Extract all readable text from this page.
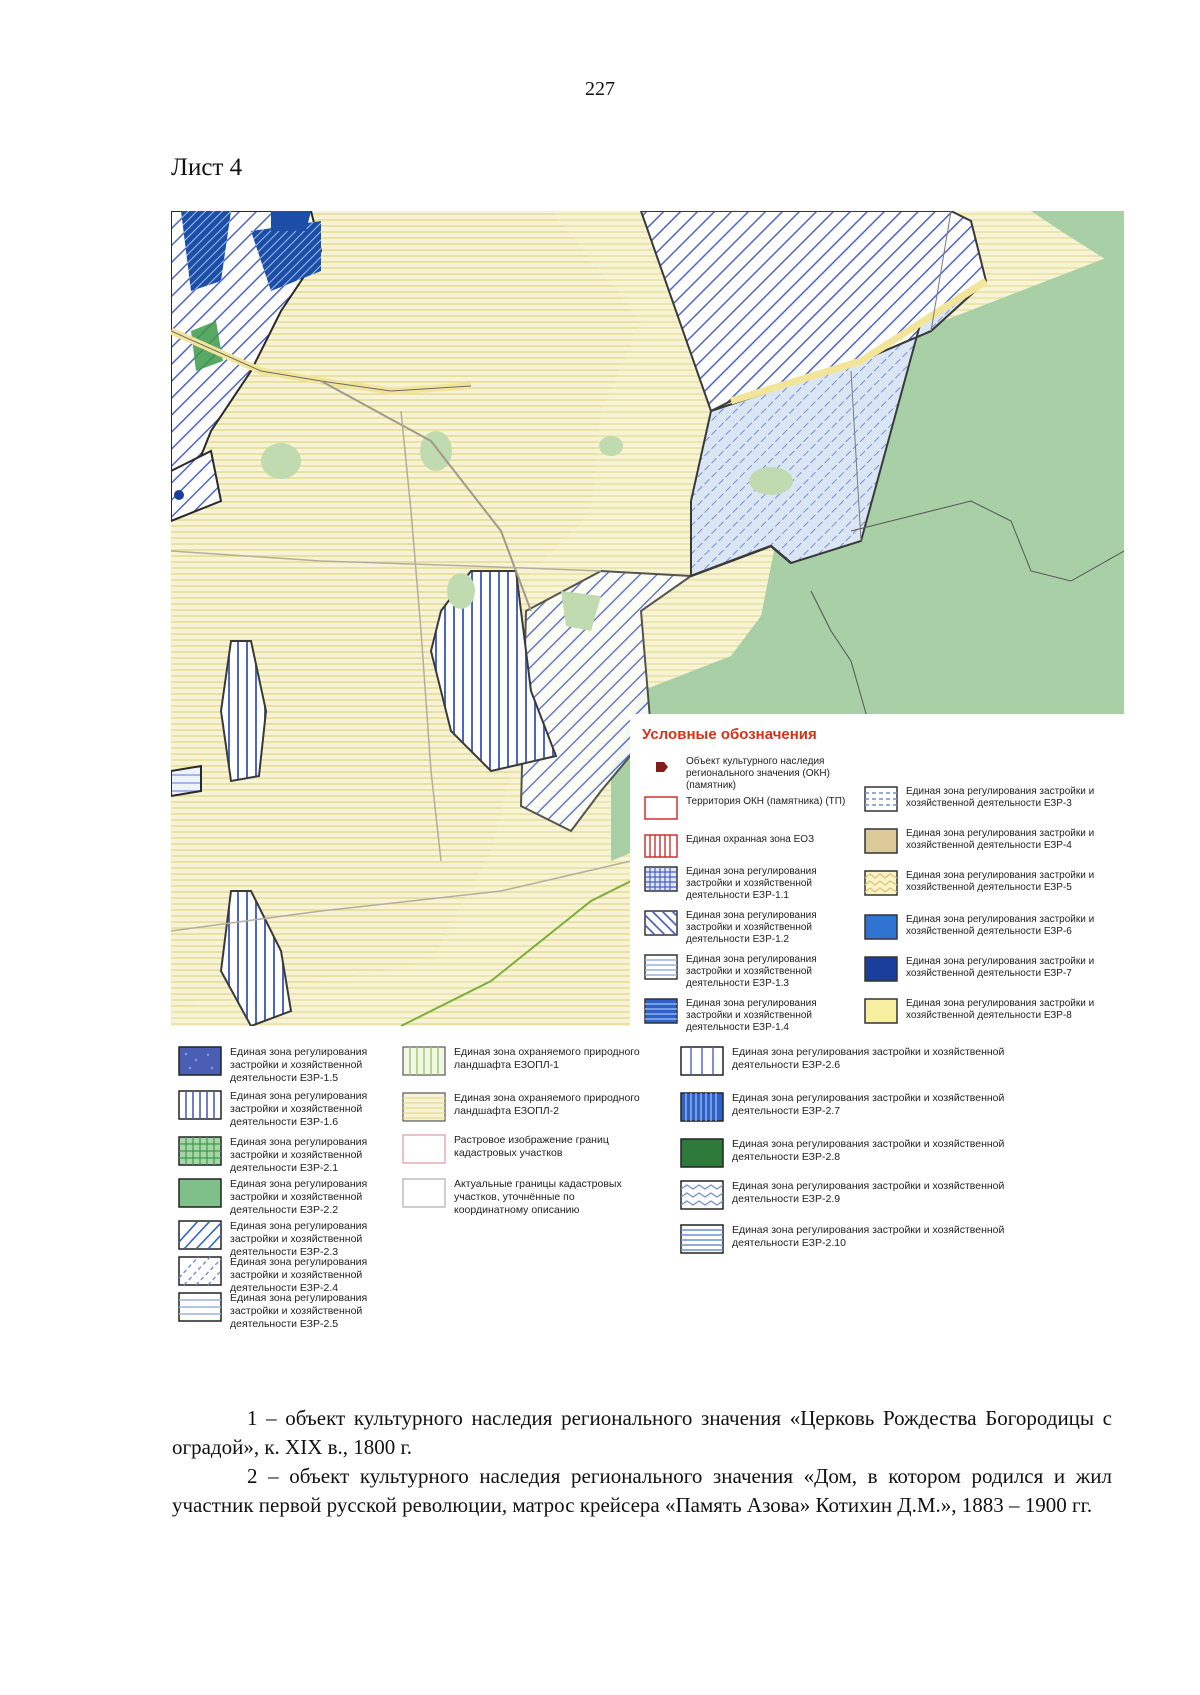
227
Лист 4
Условные обозначения
Объект культурного наследия регионального значения (ОКН) (памятник)
Территория ОКН (памятника) (ТП)
Единая охранная зона ЕОЗ
Единая зона регулирования застройки и хозяйственной деятельности ЕЗР-1.1
Единая зона регулирования застройки и хозяйственной деятельности ЕЗР-1.2
Единая зона регулирования застройки и хозяйственной деятельности ЕЗР-1.3
Единая зона регулирования застройки и хозяйственной деятельности ЕЗР-1.4
Единая зона регулирования застройки и хозяйственной деятельности ЕЗР-3
Единая зона регулирования застройки и хозяйственной деятельности ЕЗР-4
Единая зона регулирования застройки и хозяйственной деятельности ЕЗР-5
Единая зона регулирования застройки и хозяйственной деятельности ЕЗР-6
Единая зона регулирования застройки и хозяйственной деятельности ЕЗР-7
Единая зона регулирования застройки и хозяйственной деятельности ЕЗР-8
Единая зона регулирования застройки и хозяйственной деятельности ЕЗР-1.5
Единая зона регулирования застройки и хозяйственной деятельности ЕЗР-1.6
Единая зона регулирования застройки и хозяйственной деятельности ЕЗР-2.1
Единая зона регулирования застройки и хозяйственной деятельности ЕЗР-2.2
Единая зона регулирования застройки и хозяйственной деятельности ЕЗР-2.3
Единая зона регулирования застройки и хозяйственной деятельности ЕЗР-2.4
Единая зона регулирования застройки и хозяйственной деятельности ЕЗР-2.5
Единая зона охраняемого природного ландшафта ЕЗОПЛ-1
Единая зона охраняемого природного ландшафта ЕЗОПЛ-2
Растровое изображение границ кадастровых участков
Актуальные границы кадастровых участков, уточнённые по координатному описанию
Единая зона регулирования застройки и хозяйственной деятельности ЕЗР-2.6
Единая зона регулирования застройки и хозяйственной деятельности ЕЗР-2.7
Единая зона регулирования застройки и хозяйственной деятельности ЕЗР-2.8
Единая зона регулирования застройки и хозяйственной деятельности ЕЗР-2.9
Единая зона регулирования застройки и хозяйственной деятельности ЕЗР-2.10
1 – объект культурного наследия регионального значения «Церковь Рождества Богородицы с оградой», к. XIX в., 1800 г.
2 – объект культурного наследия регионального значения «Дом, в котором родился и жил участник первой русской революции, матрос крейсера «Память Азова» Котихин Д.М.», 1883 – 1900 гг.
